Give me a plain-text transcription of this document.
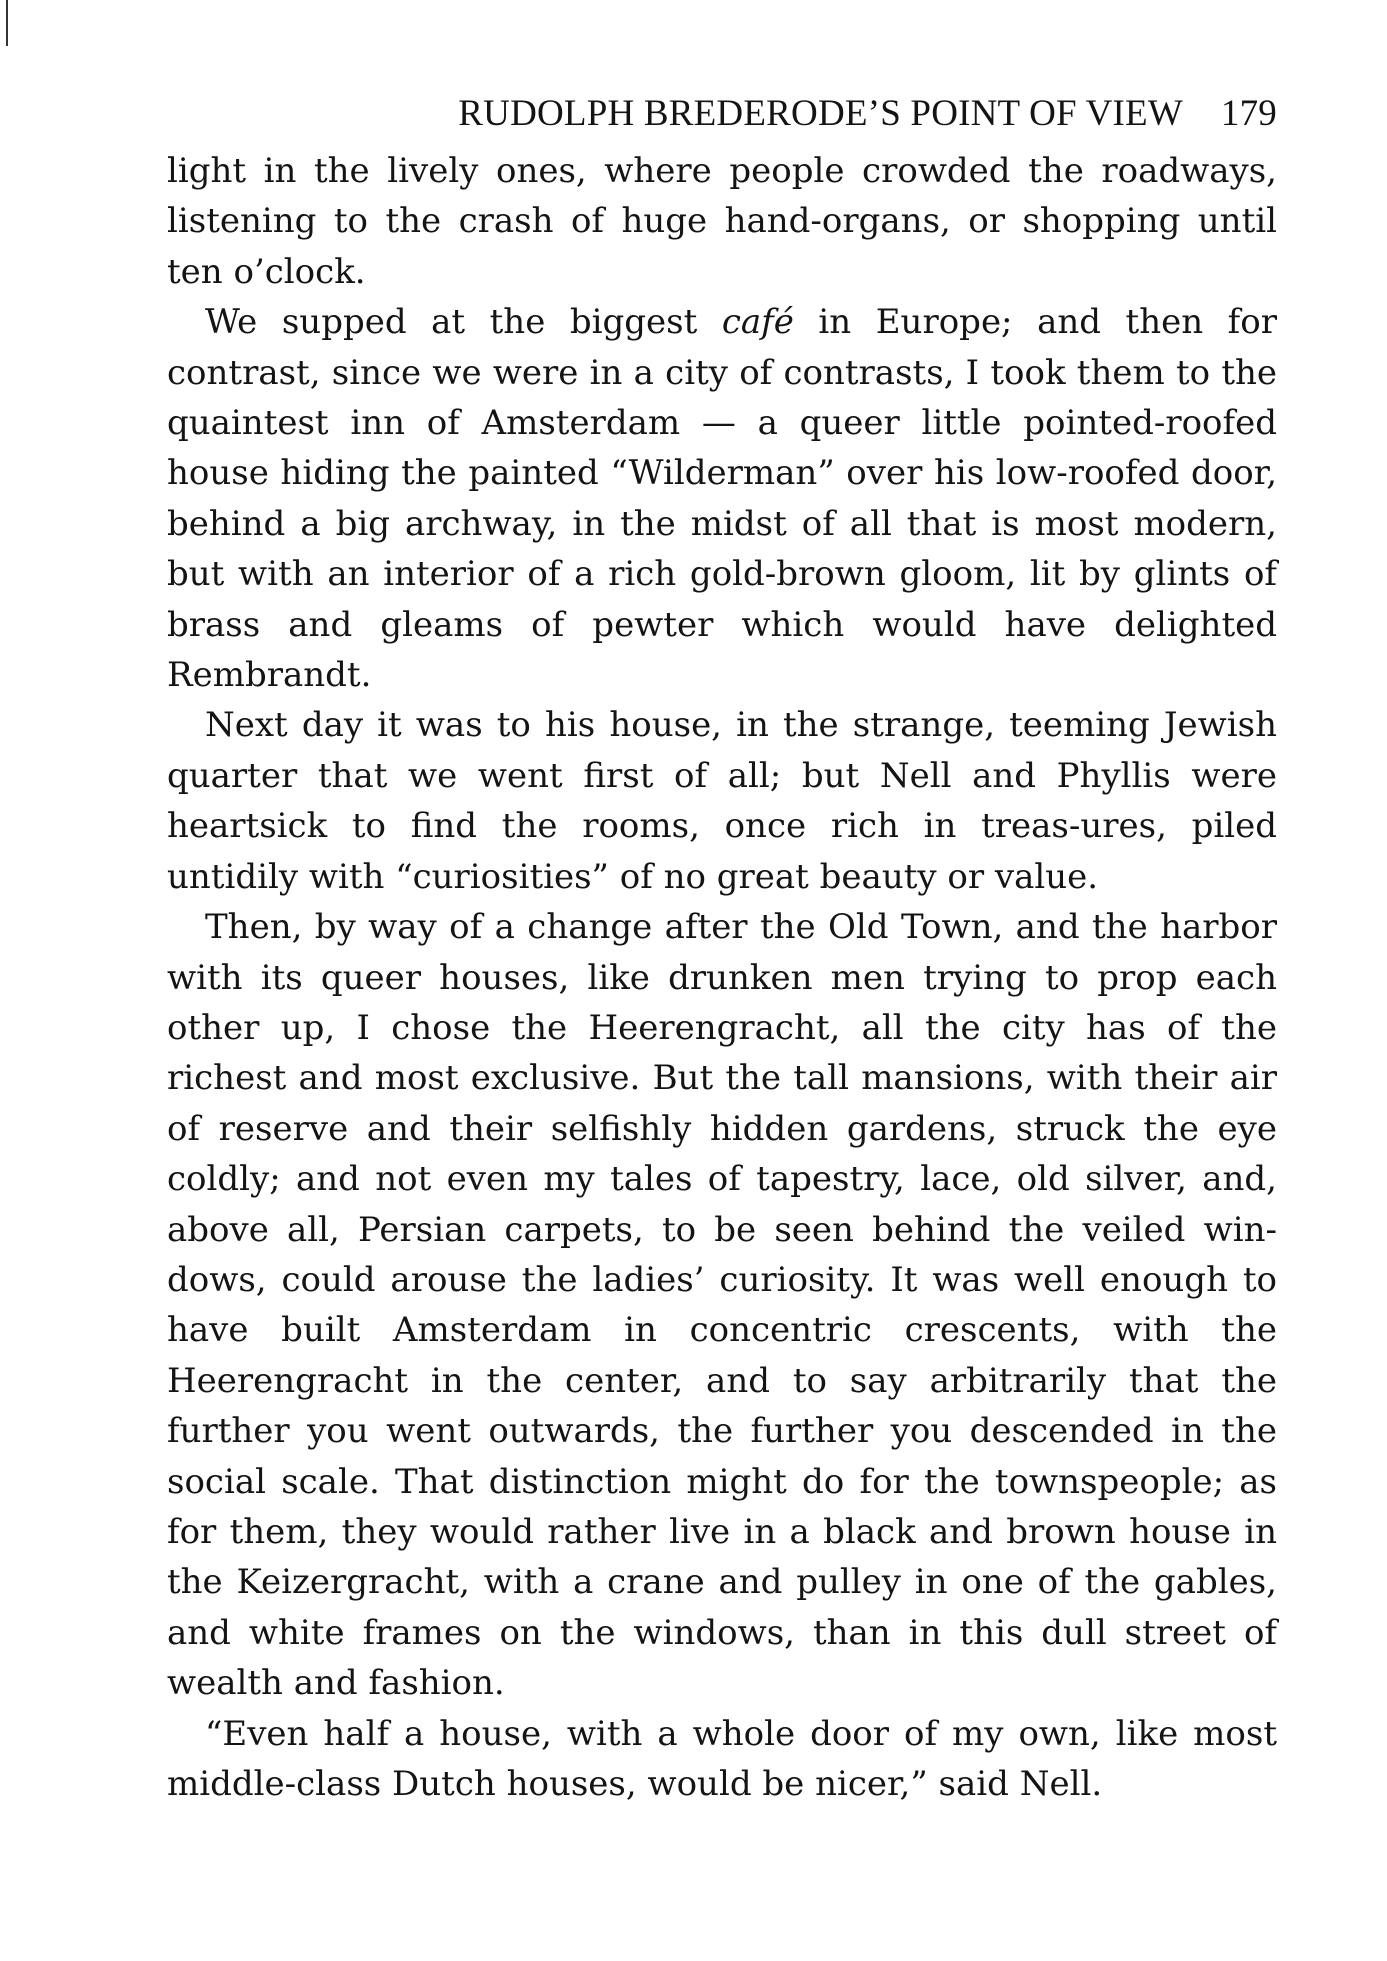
RUDOLPH BREDERODE’S POINT OF VIEW 179

light in the lively ones, where people crowded the roadways, listening to the crash of huge hand-organs, or shopping until ten o’clock.

We supped at the biggest café in Europe; and then for contrast, since we were in a city of contrasts, I took them to the quaintest inn of Amsterdam — a queer little pointed-roofed house hiding the painted “Wilderman” over his low-roofed door, behind a big archway, in the midst of all that is most modern, but with an interior of a rich gold-brown gloom, lit by glints of brass and gleams of pewter which would have delighted Rembrandt.

Next day it was to his house, in the strange, teeming Jewish quarter that we went first of all; but Nell and Phyllis were heartsick to find the rooms, once rich in treas-ures, piled untidily with “curiosities” of no great beauty or value.

Then, by way of a change after the Old Town, and the harbor with its queer houses, like drunken men trying to prop each other up, I chose the Heerengracht, all the city has of the richest and most exclusive. But the tall mansions, with their air of reserve and their selfishly hidden gardens, struck the eye coldly; and not even my tales of tapestry, lace, old silver, and, above all, Persian carpets, to be seen behind the veiled win-dows, could arouse the ladies’ curiosity. It was well enough to have built Amsterdam in concentric crescents, with the Heerengracht in the center, and to say arbitrarily that the further you went outwards, the further you descended in the social scale. That distinction might do for the townspeople; as for them, they would rather live in a black and brown house in the Keizergracht, with a crane and pulley in one of the gables, and white frames on the windows, than in this dull street of wealth and fashion.

“Even half a house, with a whole door of my own, like most middle-class Dutch houses, would be nicer,” said Nell.
